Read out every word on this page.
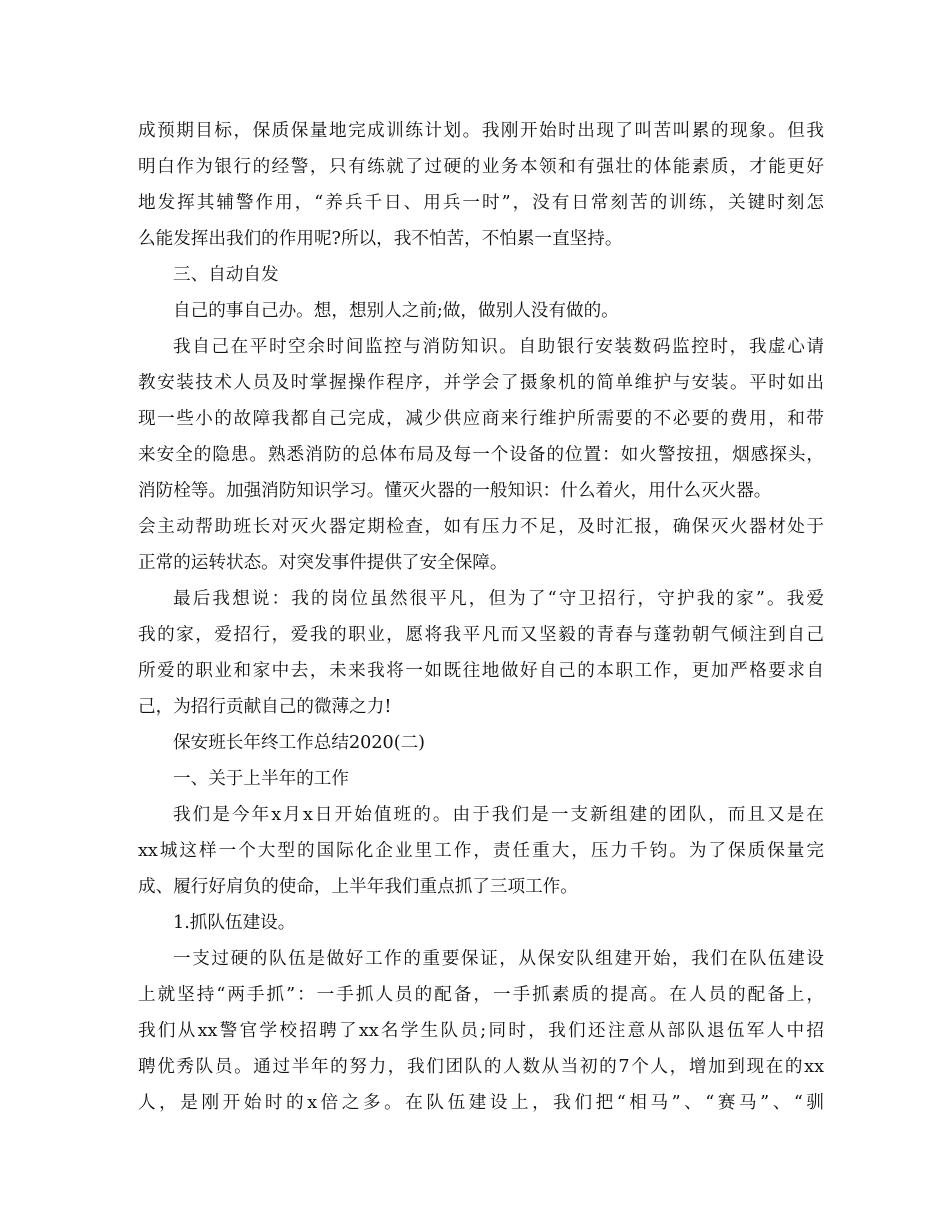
成预期目标，保质保量地完成训练计划。我刚开始时出现了叫苦叫累的现象。但我
明白作为银行的经警，只有练就了过硬的业务本领和有强壮的体能素质，才能更好
地发挥其辅警作用，“养兵千日、用兵一时”，没有日常刻苦的训练，关键时刻怎
么能发挥出我们的作用呢?所以，我不怕苦，不怕累一直坚持。
三、自动自发
自己的事自己办。想，想别人之前;做，做别人没有做的。
我自己在平时空余时间监控与消防知识。自助银行安装数码监控时，我虚心请
教安装技术人员及时掌握操作程序，并学会了摄象机的简单维护与安装。平时如出
现一些小的故障我都自己完成，减少供应商来行维护所需要的不必要的费用，和带
来安全的隐患。熟悉消防的总体布局及每一个设备的位置：如火警按扭，烟感探头，
消防栓等。加强消防知识学习。懂灭火器的一般知识：什么着火，用什么灭火器。
会主动帮助班长对灭火器定期检查，如有压力不足，及时汇报，确保灭火器材处于
正常的运转状态。对突发事件提供了安全保障。
最后我想说：我的岗位虽然很平凡，但为了“守卫招行，守护我的家”。我爱
我的家，爱招行，爱我的职业，愿将我平凡而又坚毅的青春与蓬勃朝气倾注到自己
所爱的职业和家中去，未来我将一如既往地做好自己的本职工作，更加严格要求自
己，为招行贡献自己的微薄之力!
保安班长年终工作总结2020(二)
一、关于上半年的工作
我们是今年x月x日开始值班的。由于我们是一支新组建的团队，而且又是在
xx城这样一个大型的国际化企业里工作，责任重大，压力千钧。为了保质保量完
成、履行好肩负的使命，上半年我们重点抓了三项工作。
1.抓队伍建设。
一支过硬的队伍是做好工作的重要保证，从保安队组建开始，我们在队伍建设
上就坚持“两手抓”：一手抓人员的配备，一手抓素质的提高。在人员的配备上，
我们从xx警官学校招聘了xx名学生队员;同时，我们还注意从部队退伍军人中招
聘优秀队员。通过半年的努力，我们团队的人数从当初的7个人，增加到现在的xx
人，是刚开始时的x倍之多。在队伍建设上，我们把“相马”、“赛马”、“驯
